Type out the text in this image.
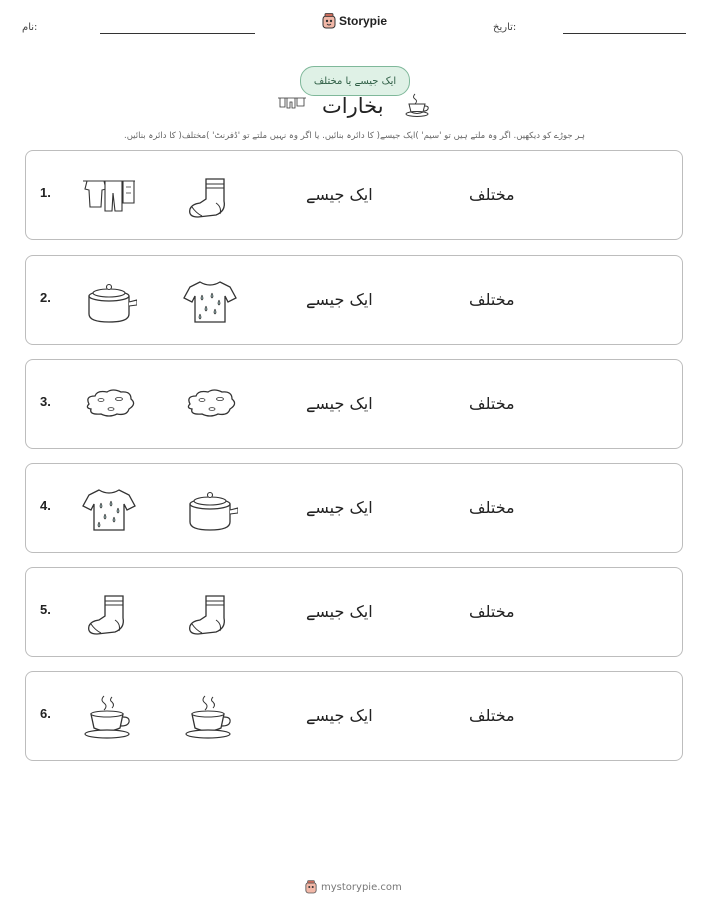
نام:	Storypie	تاریخ:
ایک جیسے یا مختلف
بخارات
ہر جوڑے کو دیکھیں. اگر وہ ملتے ہیں تو 'سیم' )ایک جیسے( کا دائرہ بنائیں. یا اگر وہ نہیں ملتے تو 'ڈفرنٹ' )مختلف( کا دائرہ بنائیں.
1.	ایک جیسے	مختلف
2.	ایک جیسے	مختلف
3.	ایک جیسے	مختلف
4.	ایک جیسے	مختلف
5.	ایک جیسے	مختلف
6.	ایک جیسے	مختلف
mystorypie.com
